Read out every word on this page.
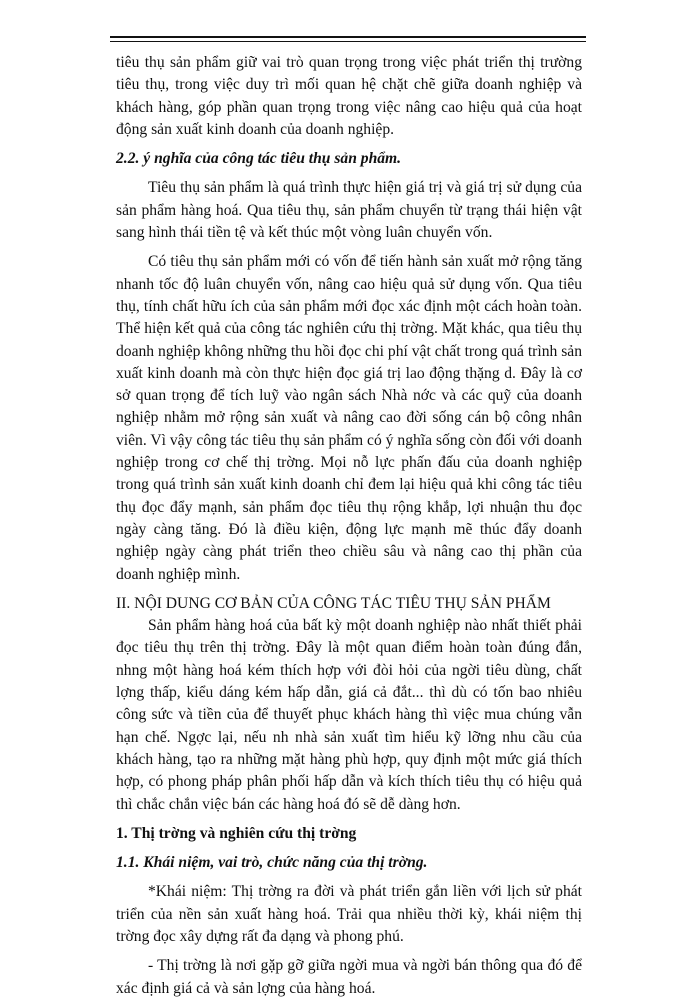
tiêu thụ sản phẩm giữ vai trò quan trọng trong việc phát triển thị trường tiêu thụ, trong việc duy trì mối quan hệ chặt chẽ giữa doanh nghiệp và khách hàng, góp phần quan trọng trong việc nâng cao hiệu quả của hoạt động sản xuất kinh doanh của doanh nghiệp.

2.2. ý nghĩa của công tác tiêu thụ sản phẩm.

Tiêu thụ sản phẩm là quá trình thực hiện giá trị và giá trị sử dụng của sản phẩm hàng hoá. Qua tiêu thụ, sản phẩm chuyển từ trạng thái hiện vật sang hình thái tiền tệ và kết thúc một vòng luân chuyển vốn.

Có tiêu thụ sản phẩm mới có vốn để tiến hành sản xuất mở rộng tăng nhanh tốc độ luân chuyển vốn, nâng cao hiệu quả sử dụng vốn. Qua tiêu thụ, tính chất hữu ích của sản phẩm mới đọc xác định một cách hoàn toàn. Thể hiện kết quả của công tác nghiên cứu thị trờng. Mặt khác, qua tiêu thụ doanh nghiệp không những thu hồi đọc chi phí vật chất trong quá trình sản xuất kinh doanh mà còn thực hiện đọc giá trị lao động thặng d. Đây là cơ sở quan trọng để tích luỹ vào ngân sách Nhà nớc và các quỹ của doanh nghiệp nhằm mở rộng sản xuất và nâng cao đời sống cán bộ công nhân viên. Vì vậy công tác tiêu thụ sản phẩm có ý nghĩa sống còn đối với doanh nghiệp trong cơ chế thị trờng. Mọi nỗ lực phấn đấu của doanh nghiệp trong quá trình sản xuất kinh doanh chỉ đem lại hiệu quả khi công tác tiêu thụ đọc đẩy mạnh, sản phẩm đọc tiêu thụ rộng khắp, lợi nhuận thu đọc ngày càng tăng. Đó là điều kiện, động lực mạnh mẽ thúc đẩy doanh nghiệp ngày càng phát triển theo chiều sâu và nâng cao thị phần của doanh nghiệp mình.

II. NỘI DUNG CƠ BẢN CỦA CÔNG TÁC TIÊU THỤ SẢN PHẨM

Sản phẩm hàng hoá của bất kỳ một doanh nghiệp nào nhất thiết phải đọc tiêu thụ trên thị trờng. Đây là một quan điểm hoàn toàn đúng đắn, nhng một hàng hoá kém thích hợp với đòi hỏi của ngời tiêu dùng, chất lợng thấp, kiểu dáng kém hấp dẫn, giá cả đắt... thì dù có tốn bao nhiêu công sức và tiền của để thuyết phục khách hàng thì việc mua chúng vẫn hạn chế. Ngợc lại, nếu nh nhà sản xuất tìm hiểu kỹ lỡng nhu cầu của khách hàng, tạo ra những mặt hàng phù hợp, quy định một mức giá thích hợp, có phong pháp phân phối hấp dẫn và kích thích tiêu thụ có hiệu quả thì chắc chắn việc bán các hàng hoá đó sẽ dễ dàng hơn.

1. Thị trờng và nghiên cứu thị trờng

1.1. Khái niệm, vai trò, chức năng của thị trờng.

*Khái niệm: Thị trờng ra đời và phát triển gắn liền với lịch sử phát triển của nền sản xuất hàng hoá. Trải qua nhiều thời kỳ, khái niệm thị trờng đọc xây dựng rất đa dạng và phong phú.

- Thị trờng là nơi gặp gỡ giữa ngời mua và ngời bán thông qua đó để xác định giá cả và sản lợng của hàng hoá.
